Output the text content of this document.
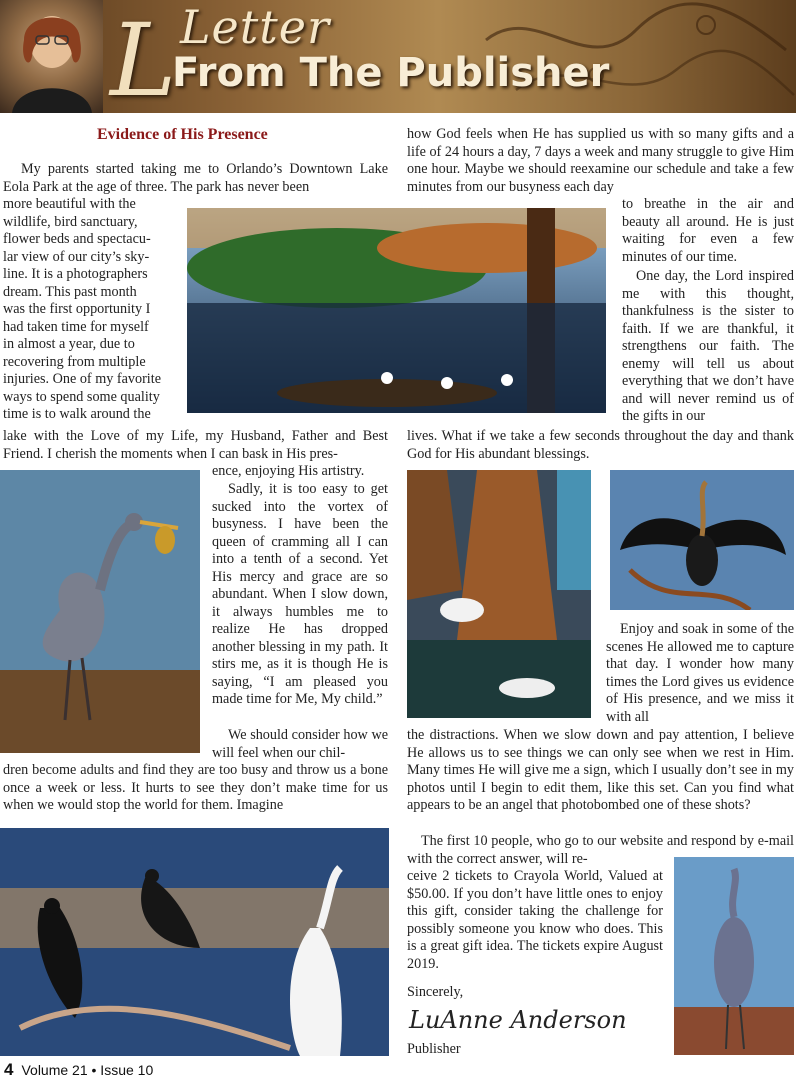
L Letter
From The Publisher
Evidence of His Presence
My parents started taking me to Orlando’s Downtown Lake Eola Park at the age of three. The park has never been
more beautiful with the
wildlife, bird sanctuary,
flower beds and spectacu-
lar view of our city’s sky-
line. It is a photographers
dream. This past month
was the first opportunity I
had taken time for myself
in almost a year, due to
recovering from multiple
injuries. One of my favorite
ways to spend some quality
time is to walk around the
lake with the Love of my Life, my Husband, Father and Best Friend. I cherish the moments when I can bask in His pres-
ence, enjoying His artistry.
Sadly, it is too easy to get sucked into the vortex of busyness. I have been the queen of cramming all I can into a tenth of a second. Yet His mercy and grace are so abundant. When I slow down, it always humbles me to realize He has dropped another blessing in my path. It stirs me, as it is though He is saying, “I am pleased you made time for Me, My child.”
We should consider how we will feel when our chil-
dren become adults and find they are too busy and throw us a bone once a week or less. It hurts to see they don’t make time for us when we would stop the world for them. Imagine
how God feels when He has supplied us with so many gifts and a life of 24 hours a day, 7 days a week and many struggle to give Him one hour. Maybe we should reexamine our schedule and take a few minutes from our busyness each day
to breathe in the air and beauty all around. He is just waiting for even a few minutes of our time.
One day, the Lord inspired me with this thought, thankfulness is the sister to faith. If we are thankful, it strengthens our faith. The enemy will tell us about everything that we don’t have and will never remind us of the gifts in our
lives. What if we take a few seconds throughout the day and thank God for His abundant blessings.
Enjoy and soak in some of the scenes He allowed me to capture that day. I wonder how many times the Lord gives us evidence of His presence, and we miss it with all
the distractions. When we slow down and pay attention, I believe He allows us to see things we can only see when we rest in Him. Many times He will give me a sign, which I usually don’t see in my photos until I begin to edit them, like this set. Can you find what appears to be an angel that photobombed one of these shots?
The first 10 people, who go to our website and respond by e-mail with the correct answer, will re-
ceive 2 tickets to Crayola World, Valued at $50.00. If you don’t have little ones to enjoy this gift, consider taking the challenge for possibly someone you know who does. This is a great gift idea. The tickets expire August 2019.
Sincerely,
LuAnne Anderson
Publisher
4 Volume 21 • Issue 10
